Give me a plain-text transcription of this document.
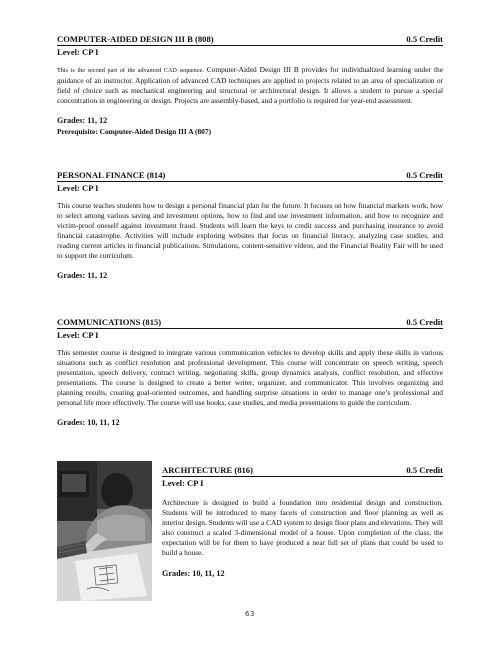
COMPUTER-AIDED DESIGN III B (808)	0.5 Credit
Level: CP I
This is the second part of the advanced CAD sequence. Computer-Aided Design III B provides for individualized learning under the guidance of an instructor. Application of advanced CAD techniques are applied to projects related to an area of specialization or field of choice such as mechanical engineering and structural or architectural design. It allows a student to pursue a special concentration in engineering or design. Projects are assembly-based, and a portfolio is required for year-end assessment.
Grades: 11, 12
Prerequisite: Computer-Aided Design III A (807)
PERSONAL FINANCE (814)	0.5 Credit
Level: CP I
This course teaches students how to design a personal financial plan for the future. It focuses on how financial markets work, how to select among various saving and investment options, how to find and use investment information, and how to recognize and victim-proof oneself against investment fraud. Students will learn the keys to credit success and purchasing insurance to avoid financial catastrophe. Activities will include exploring websites that focus on financial literacy, analyzing case studies, and reading current articles in financial publications. Simulations, content-sensitive videos, and the Financial Reality Fair will be used to support the curriculum.
Grades: 11, 12
COMMUNICATIONS (815)	0.5 Credit
Level: CP I
This semester course is designed to integrate various communication vehicles to develop skills and apply these skills in various situations such as conflict resolution and professional development. This course will concentrate on speech writing, speech presentation, speech delivery, contract writing, negotiating skills, group dynamics analysis, conflict resolution, and effective presentations. The course is designed to create a better writer, organizer, and communicator. This involves organizing and planning results, creating goal-oriented outcomes, and handling surprise situations in order to manage one’s professional and personal life more effectively. The course will use books, case studies, and media presentations to guide the curriculum.
Grades: 10, 11, 12
ARCHITECTURE (816)	0.5 Credit
Level: CP I
Architecture is designed to build a foundation into residential design and construction. Students will be introduced to many facets of construction and floor planning as well as interior design. Students will use a CAD system to design floor plans and elevations. They will also construct a scaled 3-dimensional model of a house. Upon completion of the class, the expectation will be for them to have produced a near full set of plans that could be used to build a house.
Grades: 10, 11, 12
63
